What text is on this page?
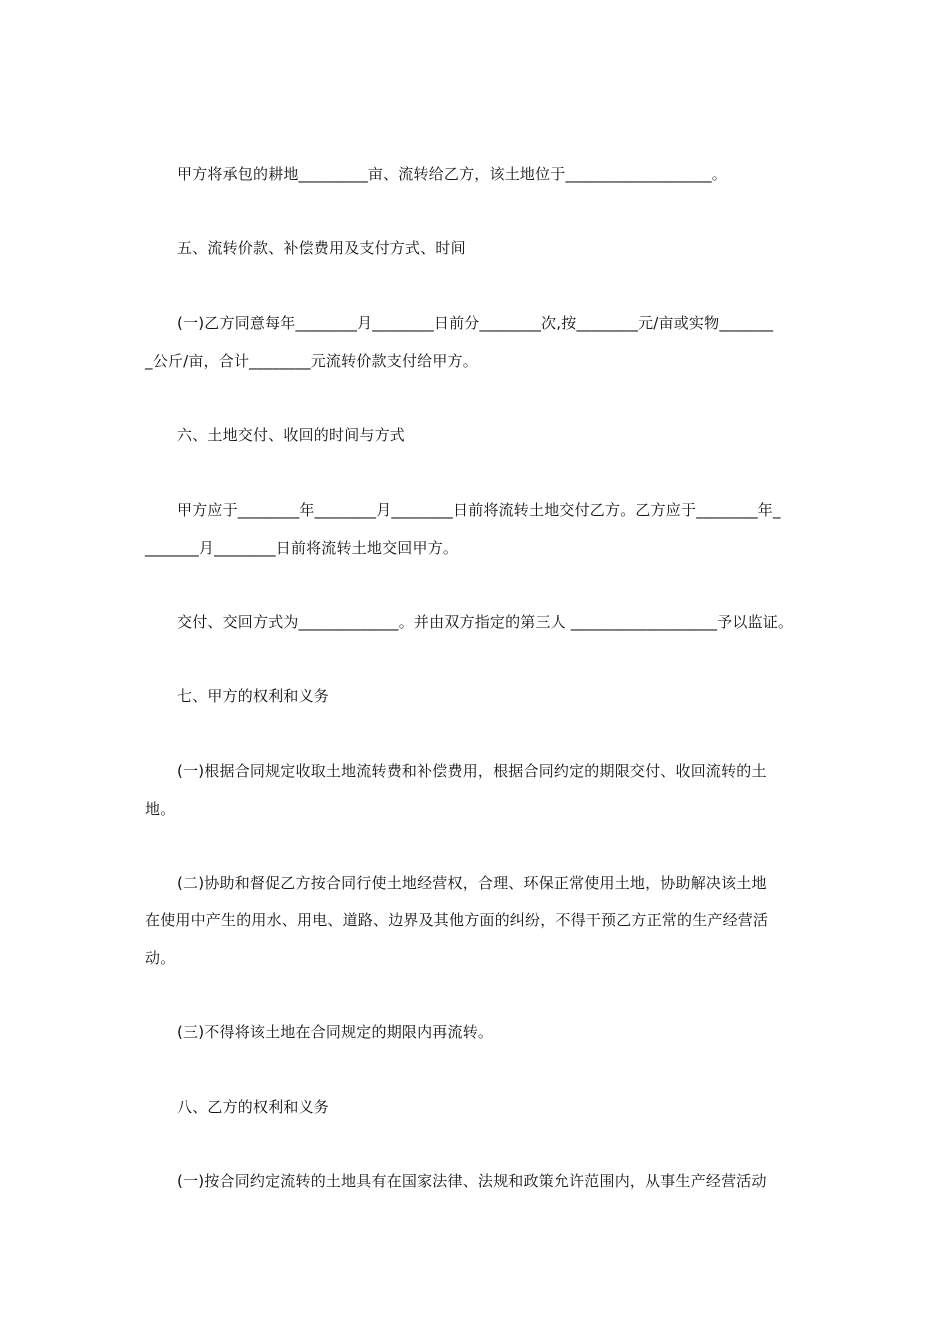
甲方将承包的耕地_________亩、流转给乙方，该土地位于___________________。
五、流转价款、补偿费用及支付方式、时间
(一)乙方同意每年________月________日前分________次,按________元/亩或实物_______
_公斤/亩，合计________元流转价款支付给甲方。
六、土地交付、收回的时间与方式
甲方应于________年________月________日前将流转土地交付乙方。乙方应于________年_
_______月________日前将流转土地交回甲方。
交付、交回方式为_____________。并由双方指定的第三人 ___________________予以监证。
七、甲方的权利和义务
(一)根据合同规定收取土地流转费和补偿费用，根据合同约定的期限交付、收回流转的土
地。
(二)协助和督促乙方按合同行使土地经营权，合理、环保正常使用土地，协助解决该土地
在使用中产生的用水、用电、道路、边界及其他方面的纠纷，不得干预乙方正常的生产经营活
动。
(三)不得将该土地在合同规定的期限内再流转。
八、乙方的权利和义务
(一)按合同约定流转的土地具有在国家法律、法规和政策允许范围内，从事生产经营活动
